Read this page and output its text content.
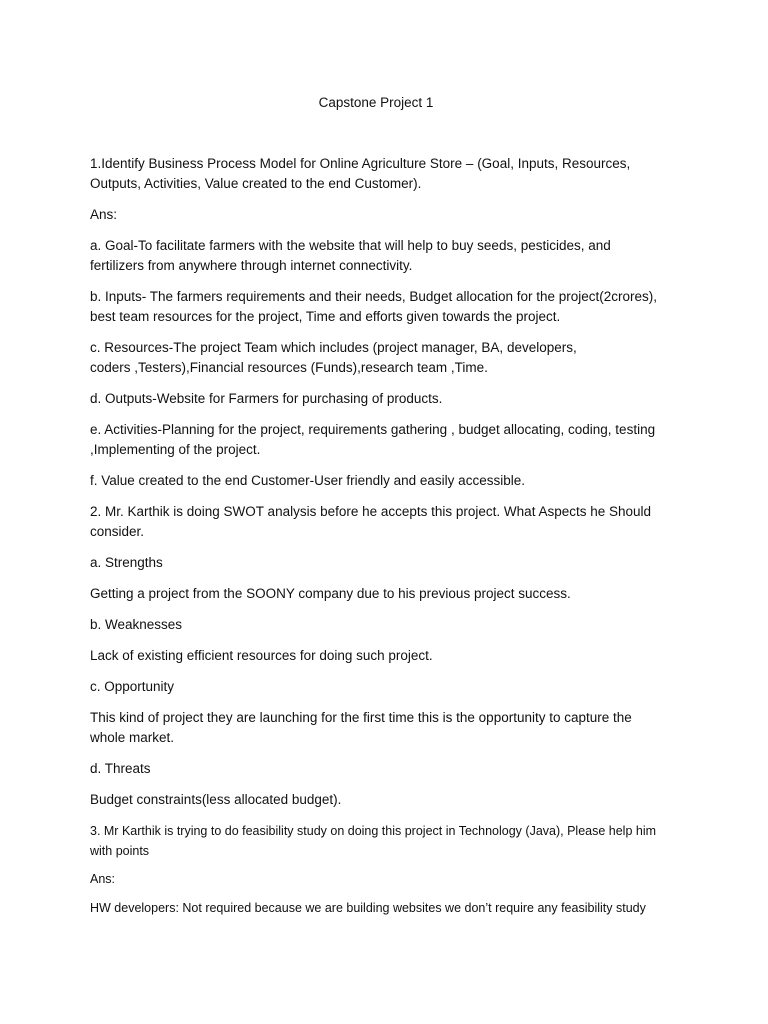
Capstone Project 1
1.Identify Business Process Model for Online Agriculture Store – (Goal, Inputs, Resources,
Outputs, Activities, Value created to the end Customer).
Ans:
a. Goal-To facilitate farmers with the website that will help to buy seeds, pesticides, and
fertilizers from anywhere through internet connectivity.
b. Inputs- The farmers requirements and their needs, Budget allocation for the project(2crores),
best team resources for the project, Time and efforts given towards the project.
c. Resources-The project Team which includes (project manager, BA, developers,
coders ,Testers),Financial resources (Funds),research team ,Time.
d. Outputs-Website for Farmers for purchasing of products.
e. Activities-Planning for the project, requirements gathering , budget allocating, coding, testing
,Implementing of the project.
f. Value created to the end Customer-User friendly and easily accessible.
2. Mr. Karthik is doing SWOT analysis before he accepts this project. What Aspects he Should
consider.
a. Strengths
Getting a project from the SOONY company due to his previous project success.
b. Weaknesses
Lack of existing efficient resources for doing such project.
c. Opportunity
This kind of project they are launching for the first time this is the opportunity to capture the
whole market.
d. Threats
Budget constraints(less allocated budget).
3. Mr Karthik is trying to do feasibility study on doing this project in Technology (Java), Please help him
with points
Ans:
HW developers: Not required because we are building websites we don’t require any feasibility study
